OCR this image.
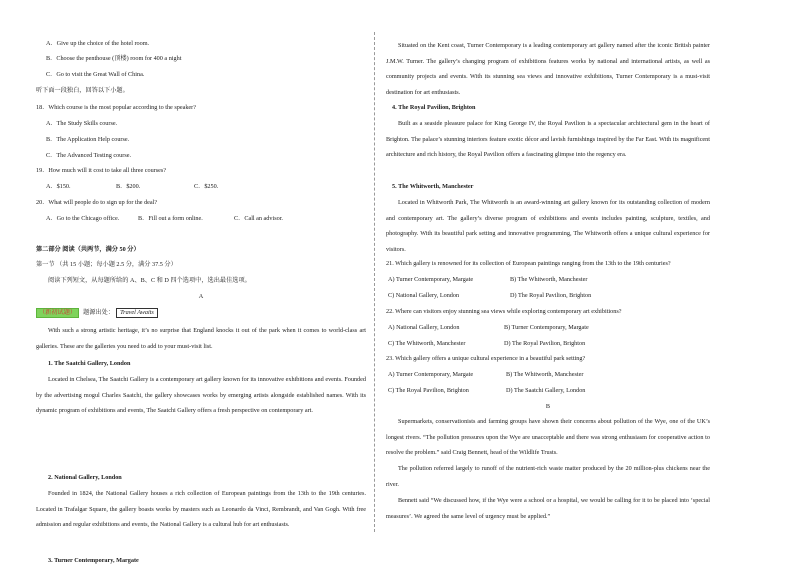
A．Give up the choice of the hotel room.
B．Choose the penthouse (顶楼) room for 400 a night
C．Go to visit the Great Wall of China.
听下面一段独白，回答以下小题。
18．Which course is the most popular according to the speaker?
A．The Study Skills course.
B．The Application Help course.
C．The Advanced Testing course.
19．How much will it cost to take all three courses?
A．$150.	B．$200.	C．$250.
20．What will people do to sign up for the deal?
A．Go to the Chicago office.	B．Fill out a form online.	C．Call an advisor.
第二部分 阅读（共两节，满分 50 分）
第一节 （共 15 小题；每小题 2.5 分，满分 37.5 分）
阅读下列短文，从每题所给的 A、B、C 和 D 四个选项中，选出最佳选项。
A
（新初试题） 题源出处： Travel Awaits
With such a strong artistic heritage, it’s no surprise that England knocks it out of the park when it comes to world-class art galleries. These are the galleries you need to add to your must-visit list.
1. The Saatchi Gallery, London
Located in Chelsea, The Saatchi Gallery is a contemporary art gallery known for its innovative exhibitions and events. Founded by the advertising mogul Charles Saatchi, the gallery showcases works by emerging artists alongside established names. With its dynamic program of exhibitions and events, The Saatchi Gallery offers a fresh perspective on contemporary art.
2. National Gallery, London
Founded in 1824, the National Gallery houses a rich collection of European paintings from the 13th to the 19th centuries. Located in Trafalgar Square, the gallery boasts works by masters such as Leonardo da Vinci, Rembrandt, and Van Gogh. With free admission and regular exhibitions and events, the National Gallery is a cultural hub for art enthusiasts.
3. Turner Contemporary, Margate
Situated on the Kent coast, Turner Contemporary is a leading contemporary art gallery named after the iconic British painter J.M.W. Turner. The gallery’s changing program of exhibitions features works by national and international artists, as well as community projects and events. With its stunning sea views and innovative exhibitions, Turner Contemporary is a must-visit destination for art enthusiasts.
4. The Royal Pavilion, Brighton
Built as a seaside pleasure palace for King George IV, the Royal Pavilion is a spectacular architectural gem in the heart of Brighton. The palace’s stunning interiors feature exotic décor and lavish furnishings inspired by the Far East. With its magnificent architecture and rich history, the Royal Pavilion offers a fascinating glimpse into the regency era.
5. The Whitworth, Manchester
Located in Whitworth Park, The Whitworth is an award-winning art gallery known for its outstanding collection of modern and contemporary art. The gallery’s diverse program of exhibitions and events includes painting, sculpture, textiles, and photography. With its beautiful park setting and innovative programming, The Whitworth offers a unique cultural experience for visitors.
21. Which gallery is renowned for its collection of European paintings ranging from the 13th to the 19th centuries?
A) Turner Contemporary, Margate	B) The Whitworth, Manchester
C) National Gallery, London	D) The Royal Pavilion, Brighton
22. Where can visitors enjoy stunning sea views while exploring contemporary art exhibitions?
A) National Gallery, London	B) Turner Contemporary, Margate
C) The Whitworth, Manchester	D) The Royal Pavilion, Brighton
23. Which gallery offers a unique cultural experience in a beautiful park setting?
A) Turner Contemporary, Margate	B) The Whitworth, Manchester
C) The Royal Pavilion, Brighton	D) The Saatchi Gallery, London
B
Supermarkets, conservationists and farming groups have shown their concerns about pollution of the Wye, one of the UK’s longest rivers. “The pollution pressures upon the Wye are unacceptable and there was strong enthusiasm for cooperative action to resolve the problem.” said Craig Bennett, head of the Wildlife Trusts.
The pollution referred largely to runoff of the nutrient-rich waste matter produced by the 20 million-plus chickens near the river.
Bennett said “We discussed how, if the Wye were a school or a hospital, we would be calling for it to be placed into ‘special measures’. We agreed the same level of urgency must be applied.”
